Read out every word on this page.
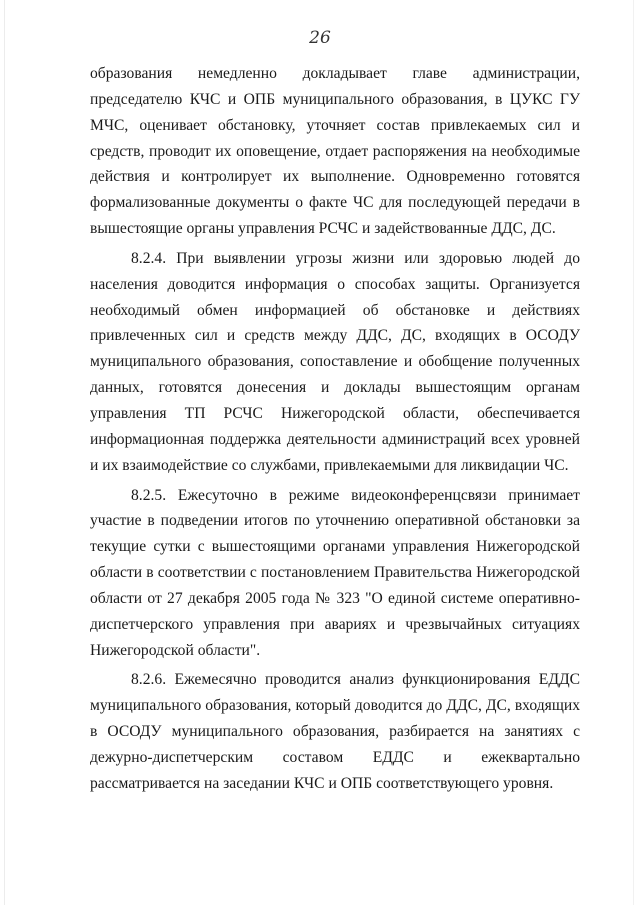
26

образования немедленно докладывает главе администрации, председателю КЧС и ОПБ муниципального образования, в ЦУКС ГУ МЧС, оценивает обстановку, уточняет состав привлекаемых сил и средств, проводит их оповещение, отдает распоряжения на необходимые действия и контролирует их выполнение. Одновременно готовятся формализованные документы о факте ЧС для последующей передачи в вышестоящие органы управления РСЧС и задействованные ДДС, ДС.

8.2.4. При выявлении угрозы жизни или здоровью людей до населения доводится информация о способах защиты. Организуется необходимый обмен информацией об обстановке и действиях привлеченных сил и средств между ДДС, ДС, входящих в ОСОДУ муниципального образования, сопоставление и обобщение полученных данных, готовятся донесения и доклады вышестоящим органам управления ТП РСЧС Нижегородской области, обеспечивается информационная поддержка деятельности администраций всех уровней и их взаимодействие со службами, привлекаемыми для ликвидации ЧС.

8.2.5. Ежесуточно в режиме видеоконференцсвязи принимает участие в подведении итогов по уточнению оперативной обстановки за текущие сутки с вышестоящими органами управления Нижегородской области в соответствии с постановлением Правительства Нижегородской области от 27 декабря 2005 года № 323 "О единой системе оперативно-диспетчерского управления при авариях и чрезвычайных ситуациях Нижегородской области".

8.2.6. Ежемесячно проводится анализ функционирования ЕДДС муниципального образования, который доводится до ДДС, ДС, входящих в ОСОДУ муниципального образования, разбирается на занятиях с дежурно-диспетчерским составом ЕДДС и ежеквартально рассматривается на заседании КЧС и ОПБ соответствующего уровня.
